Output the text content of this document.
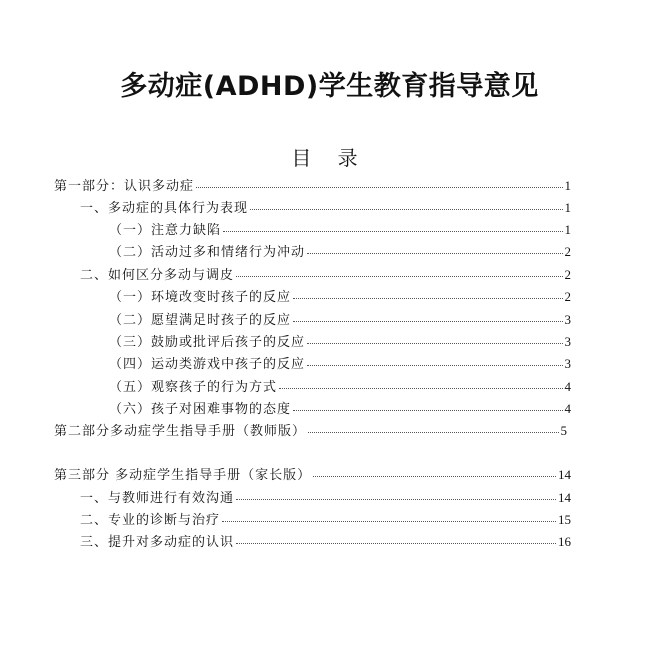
多动症(ADHD)学生教育指导意见
目 录
第一部分：认识多动症	1
一、多动症的具体行为表现	1
（一）注意力缺陷	1
（二）活动过多和情绪行为冲动	2
二、如何区分多动与调皮	2
（一）环境改变时孩子的反应	2
（二）愿望满足时孩子的反应	3
（三）鼓励或批评后孩子的反应	3
（四）运动类游戏中孩子的反应	3
（五）观察孩子的行为方式	4
（六）孩子对困难事物的态度	4
第二部分多动症学生指导手册（教师版）	5
第三部分 多动症学生指导手册（家长版）	14
一、与教师进行有效沟通	14
二、专业的诊断与治疗	15
三、提升对多动症的认识	16
